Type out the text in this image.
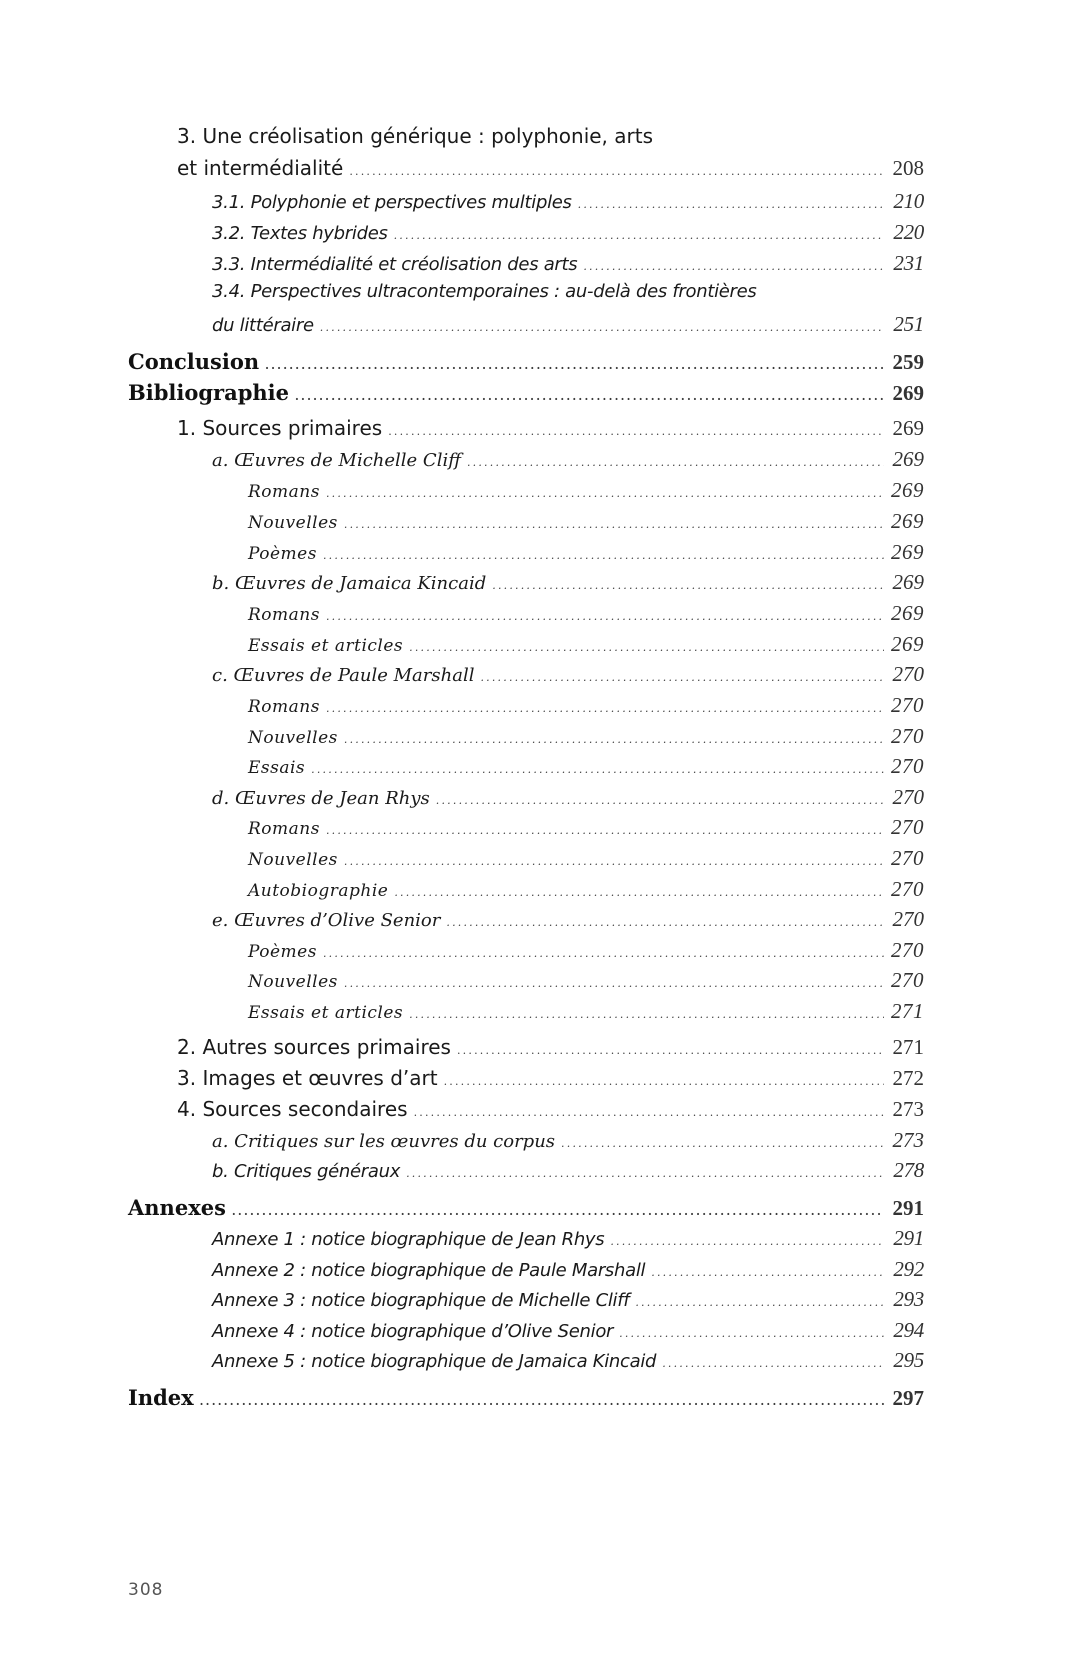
3. Une créolisation générique : polyphonie, arts
et intermédialité .....	208
3.1. Polyphonie et perspectives multiples .....	210
3.2. Textes hybrides .....	220
3.3. Intermédialité et créolisation des arts .....	231
3.4. Perspectives ultracontemporaines : au-delà des frontières
du littéraire .....	251
Conclusion .....	259
Bibliographie .....	269
1. Sources primaires .....	269
a. Œuvres de Michelle Cliff .....	269
Romans .....	269
Nouvelles .....	269
Poèmes .....	269
b. Œuvres de Jamaica Kincaid .....	269
Romans .....	269
Essais et articles .....	269
c. Œuvres de Paule Marshall .....	270
Romans .....	270
Nouvelles .....	270
Essais .....	270
d. Œuvres de Jean Rhys .....	270
Romans .....	270
Nouvelles .....	270
Autobiographie .....	270
e. Œuvres d’Olive Senior .....	270
Poèmes .....	270
Nouvelles .....	270
Essais et articles .....	271
2. Autres sources primaires .....	271
3. Images et œuvres d’art .....	272
4. Sources secondaires .....	273
a. Critiques sur les œuvres du corpus .....	273
b. Critiques généraux .....	278
Annexes .....	291
Annexe 1 : notice biographique de Jean Rhys .....	291
Annexe 2 : notice biographique de Paule Marshall .....	292
Annexe 3 : notice biographique de Michelle Cliff .....	293
Annexe 4 : notice biographique d’Olive Senior .....	294
Annexe 5 : notice biographique de Jamaica Kincaid .....	295
Index .....	297
308
